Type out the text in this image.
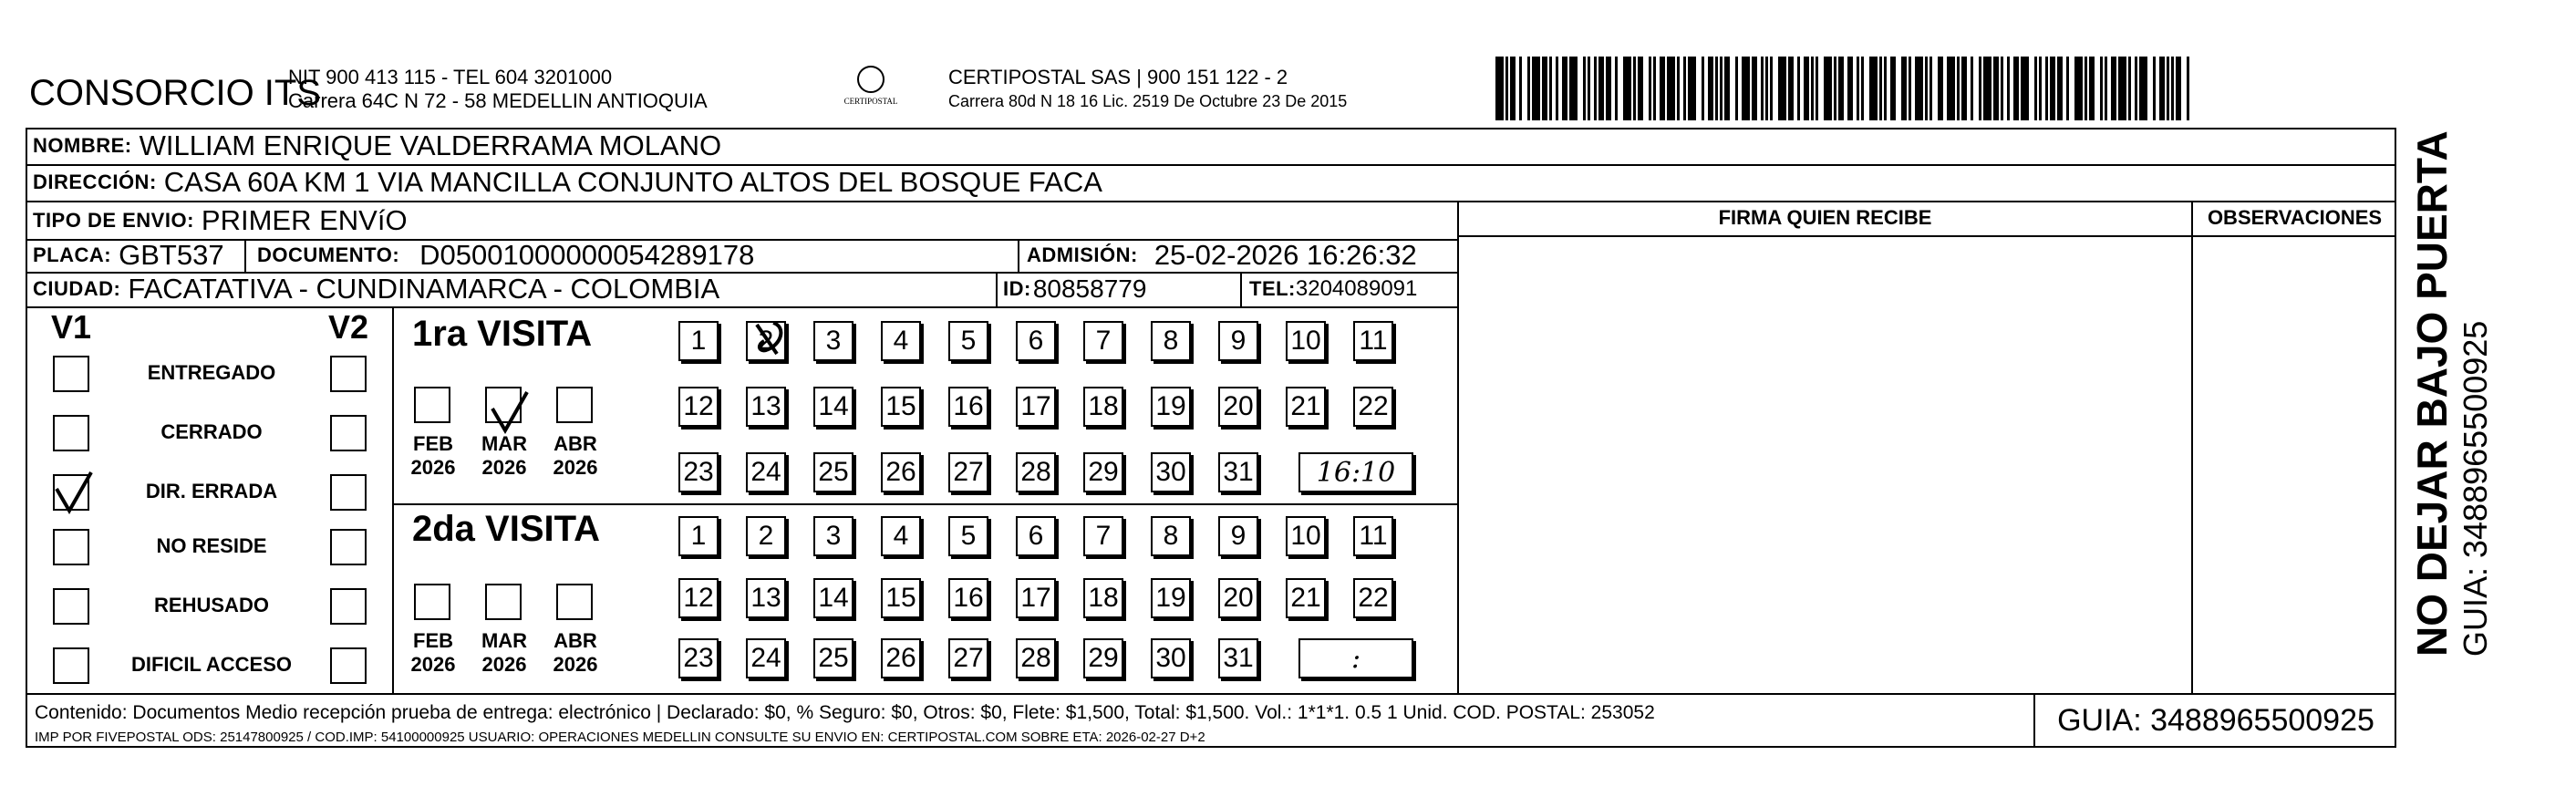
CONSORCIO ITS
NIT 900 413 115 - TEL 604 3201000
Carrera 64C N 72 - 58 MEDELLIN ANTIOQUIA	CERTIPOSTAL
CERTIPOSTAL SAS | 900 151 122 - 2
Carrera 80d N 18 16 Lic. 2519 De Octubre 23 De 2015
NOMBRE: WILLIAM ENRIQUE VALDERRAMA MOLANO
DIRECCIÓN: CASA 60A KM 1 VIA MANCILLA CONJUNTO ALTOS DEL BOSQUE FACA
TIPO DE ENVIO: PRIMER ENVíO
PLACA: GBT537 DOCUMENTO: D05001000000054289178	ADMISIÓN: 25-02-2026 16:26:32
CIUDAD: FACATATIVA - CUNDINAMARCA - COLOMBIA	ID: 80858779	TEL: 3204089091
FIRMA QUIEN RECIBE	OBSERVACIONES
V1	V2
ENTREGADO
CERRADO
DIR. ERRADA
NO RESIDE
REHUSADO
DIFICIL ACCESO
1ra VISITA
FEB
2026
MAR
2026
ABR
2026
1 2 3 4 5 6 7 8 9 10 11
12 13 14 15 16 17 18 19 20 21 22
23 24 25 26 27 28 29 30 31 16:10
2da VISITA
FEB
2026
MAR
2026
ABR
2026
1 2 3 4 5 6 7 8 9 10 11
12 13 14 15 16 17 18 19 20 21 22
23 24 25 26 27 28 29 30 31	:
Contenido: Documentos Medio recepción prueba de entrega: electrónico | Declarado: $0, % Seguro: $0, Otros: $0, Flete: $1,500, Total: $1,500. Vol.: 1*1*1. 0.5 1 Unid. COD. POSTAL: 253052
IMP POR FIVEPOSTAL ODS: 25147800925 / COD.IMP: 54100000925 USUARIO: OPERACIONES MEDELLIN CONSULTE SU ENVIO EN: CERTIPOSTAL.COM SOBRE ETA: 2026-02-27 D+2	GUIA: 3488965500925
NO DEJAR BAJO PUERTA GUIA: 3488965500925
